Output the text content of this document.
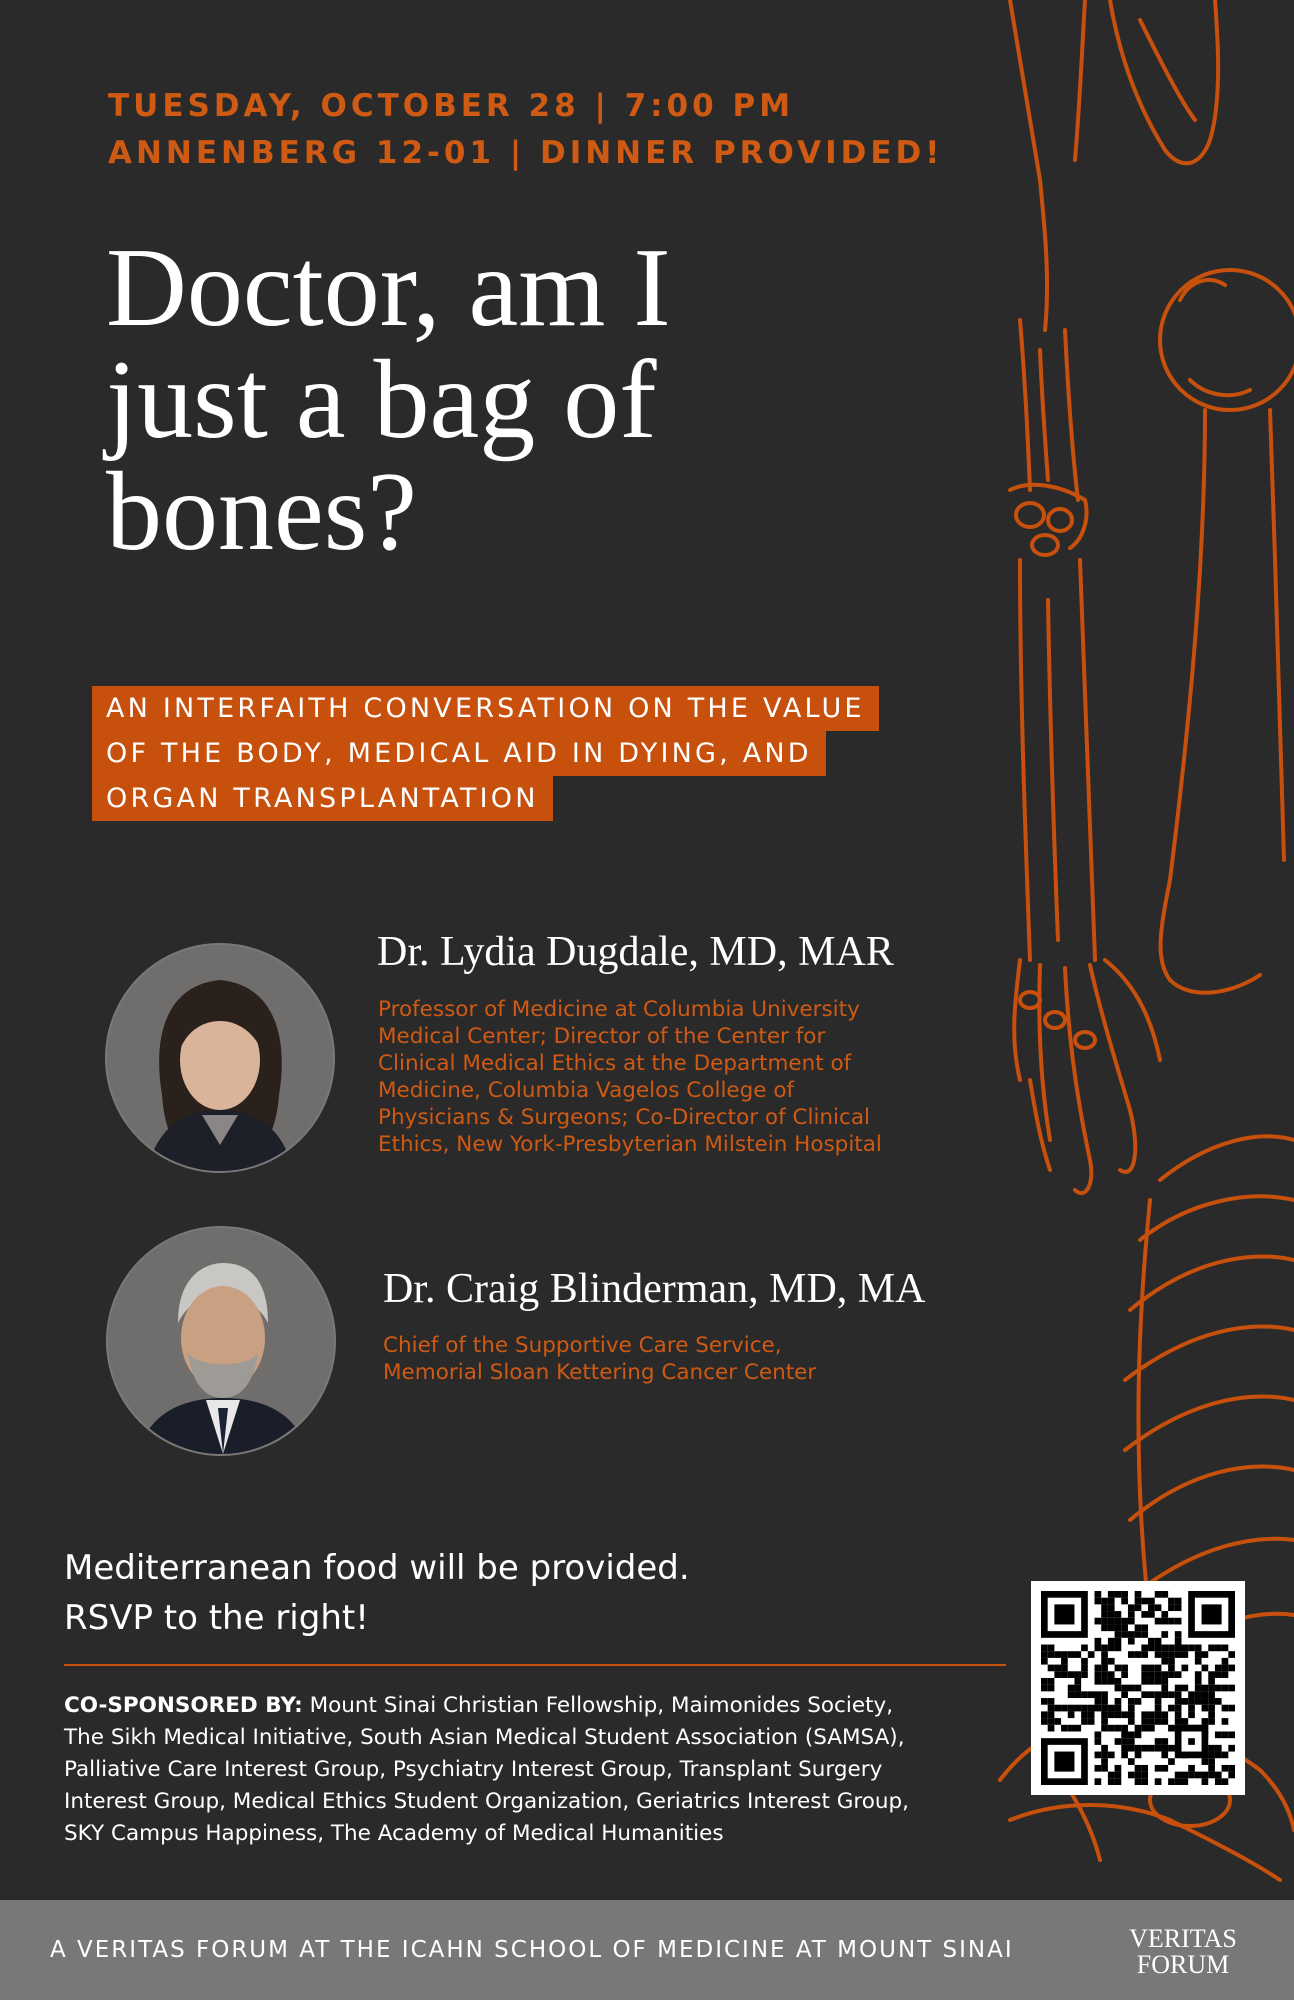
TUESDAY, OCTOBER 28 | 7:00 PM
ANNENBERG 12-01 | DINNER PROVIDED!
Doctor, am I
just a bag of
bones?
AN INTERFAITH CONVERSATION ON THE VALUE
OF THE BODY, MEDICAL AID IN DYING, AND
ORGAN TRANSPLANTATION
Dr. Lydia Dugdale, MD, MAR
Professor of Medicine at Columbia University
Medical Center; Director of the Center for
Clinical Medical Ethics at the Department of
Medicine, Columbia Vagelos College of
Physicians & Surgeons; Co-Director of Clinical
Ethics, New York-Presbyterian Milstein Hospital
Dr. Craig Blinderman, MD, MA
Chief of the Supportive Care Service,
Memorial Sloan Kettering Cancer Center
Mediterranean food will be provided.
RSVP to the right!
CO-SPONSORED BY: Mount Sinai Christian Fellowship, Maimonides Society,
The Sikh Medical Initiative, South Asian Medical Student Association (SAMSA),
Palliative Care Interest Group, Psychiatry Interest Group, Transplant Surgery
Interest Group, Medical Ethics Student Organization, Geriatrics Interest Group,
SKY Campus Happiness, The Academy of Medical Humanities
A VERITAS FORUM AT THE ICAHN SCHOOL OF MEDICINE AT MOUNT SINAI	VERITAS
FORUM
